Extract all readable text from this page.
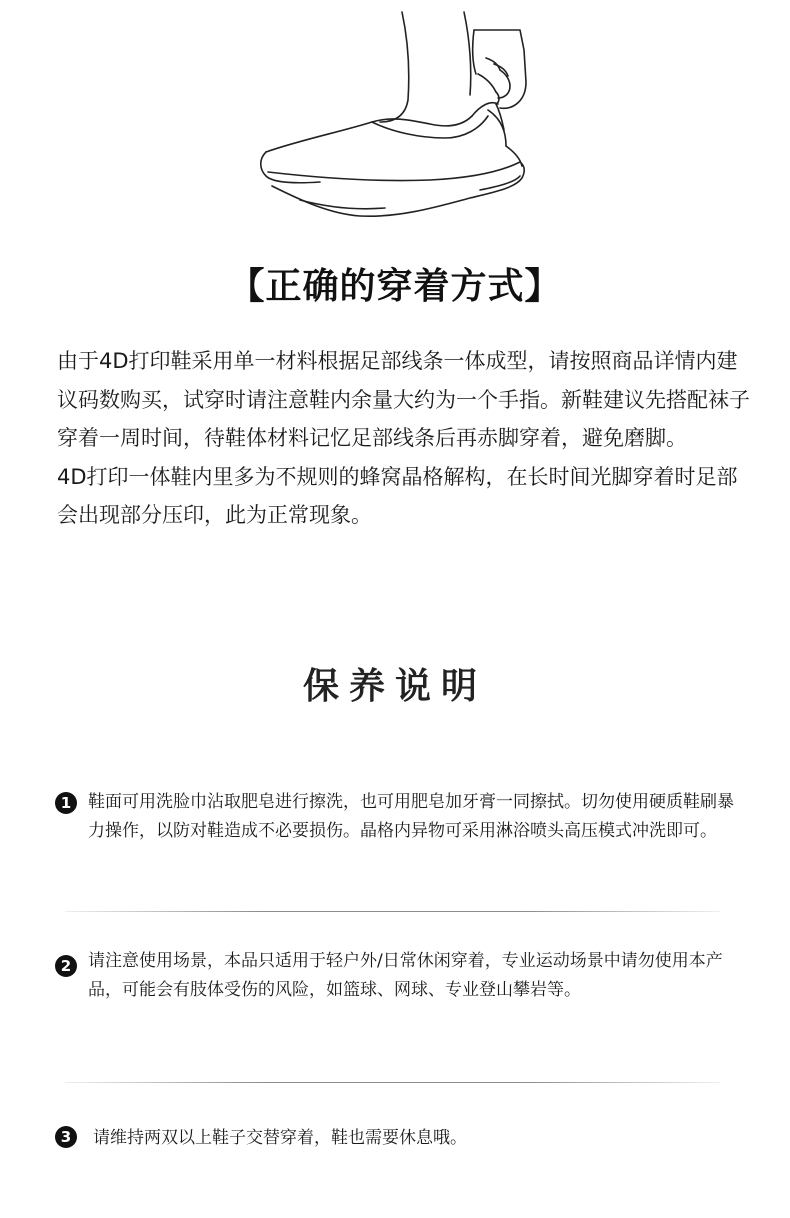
【正确的穿着方式】

由于4D打印鞋采用单一材料根据足部线条一体成型，请按照商品详情内建议码数购买，试穿时请注意鞋内余量大约为一个手指。新鞋建议先搭配袜子穿着一周时间，待鞋体材料记忆足部线条后再赤脚穿着，避免磨脚。

4D打印一体鞋内里多为不规则的蜂窝晶格解构，在长时间光脚穿着时足部会出现部分压印，此为正常现象。

保养说明
1 鞋面可用洗脸巾沾取肥皂进行擦洗，也可用肥皂加牙膏一同擦拭。切勿使用硬质鞋刷暴力操作，以防对鞋造成不必要损伤。晶格内异物可采用淋浴喷头高压模式冲洗即可。
2 请注意使用场景，本品只适用于轻户外/日常休闲穿着，专业运动场景中请勿使用本产品，可能会有肢体受伤的风险，如篮球、网球、专业登山攀岩等。
3	请维持两双以上鞋子交替穿着，鞋也需要休息哦。
